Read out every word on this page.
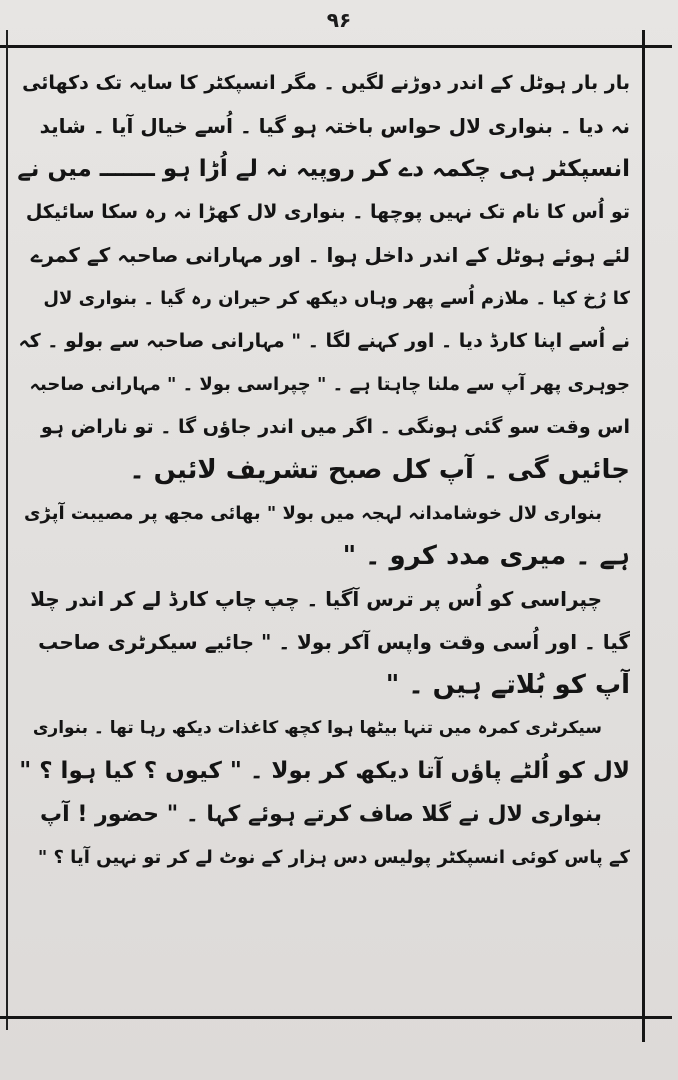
۹۶
بار بار ہوٹل کے اندر دوڑنے لگیں ۔ مگر انسپکٹر کا سایہ تک دکھائی
نہ دیا ۔ بنواری لال حواس باختہ ہو گیا ۔ اُسے خیال آیا ۔ شاید
انسپکٹر ہی چکمہ دے کر روپیہ نہ لے اُڑا ہو ـــــــ میں نے
تو اُس کا نام تک نہیں پوچھا ۔ بنواری لال کھڑا نہ رہ سکا سائیکل
لئے ہوئے ہوٹل کے اندر داخل ہوا ۔ اور مہارانی صاحبہ کے کمرے
کا رُخ کیا ۔ ملازم اُسے پھر وہاں دیکھ کر حیران رہ گیا ۔ بنواری لال
نے اُسے اپنا کارڈ دیا ۔ اور کہنے لگا ۔ " مہارانی صاحبہ سے بولو ۔ کہ
جوہری پھر آپ سے ملنا چاہتا ہے ۔ " چپراسی بولا ۔ " مہارانی صاحبہ
اس وقت سو گئی ہونگی ۔ اگر میں اندر جاؤں گا ۔ تو ناراض ہو
جائیں گی ۔ آپ کل صبح تشریف لائیں ۔
بنواری لال خوشامدانہ لہجہ میں بولا " بھائی مجھ پر مصیبت آپڑی
ہے ۔ میری مدد کرو ۔ "
چپراسی کو اُس پر ترس آگیا ۔ چپ چاپ کارڈ لے کر اندر چلا
گیا ۔ اور اُسی وقت واپس آکر بولا ۔ " جائیے سیکرٹری صاحب
آپ کو بُلاتے ہیں ۔ "
سیکرٹری کمرہ میں تنہا بیٹھا ہوا کچھ کاغذات دیکھ رہا تھا ۔ بنواری
لال کو اُلٹے پاؤں آتا دیکھ کر بولا ۔ " کیوں ؟ کیا ہوا ؟ "
بنواری لال نے گلا صاف کرتے ہوئے کہا ۔ " حضور ! آپ
کے پاس کوئی انسپکٹر پولیس دس ہزار کے نوٹ لے کر تو نہیں آیا ؟ "
